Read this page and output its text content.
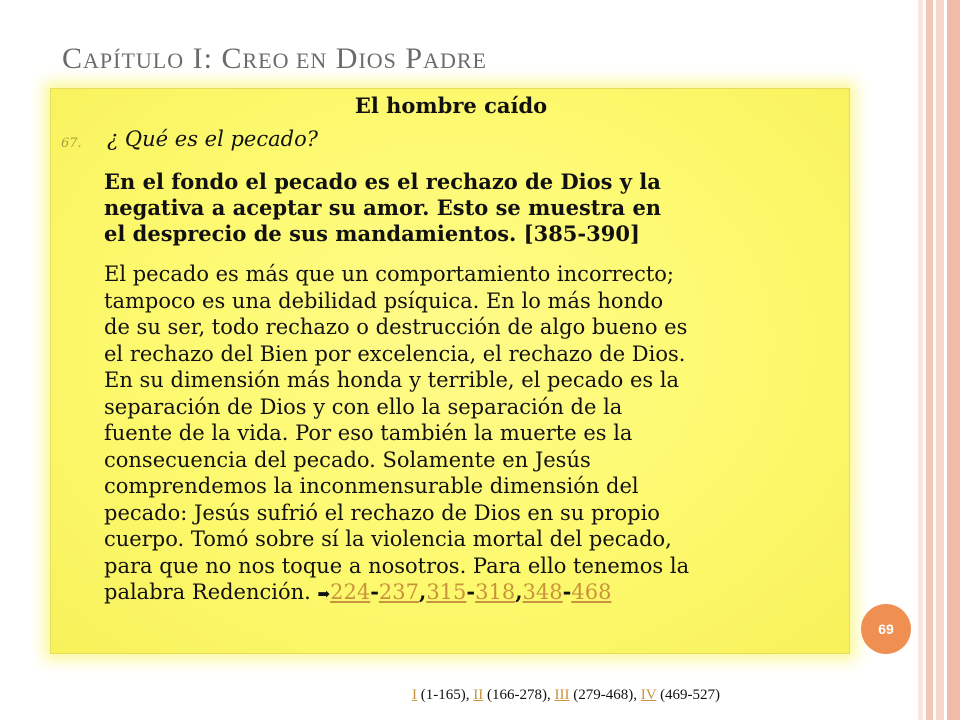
CAPÍTULO I: CREO EN DIOS PADRE
El hombre caído
67. ¿ Qué es el pecado?
En el fondo el pecado es el rechazo de Dios y la
negativa a aceptar su amor. Esto se muestra en
el desprecio de sus mandamientos. [385-390]
El pecado es más que un comportamiento incorrecto;
tampoco es una debilidad psíquica. En lo más hondo
de su ser, todo rechazo o destrucción de algo bueno es
el rechazo del Bien por excelencia, el rechazo de Dios.
En su dimensión más honda y terrible, el pecado es la
separación de Dios y con ello la separación de la
fuente de la vida. Por eso también la muerte es la
consecuencia del pecado. Solamente en Jesús
comprendemos la inconmensurable dimensión del
pecado: Jesús sufrió el rechazo de Dios en su propio
cuerpo. Tomó sobre sí la violencia mortal del pecado,
para que no nos toque a nosotros. Para ello tenemos la
palabra Redención. ➡224-237,315-318,348-468
69
I (1-165), II (166-278), III (279-468), IV (469-527)
